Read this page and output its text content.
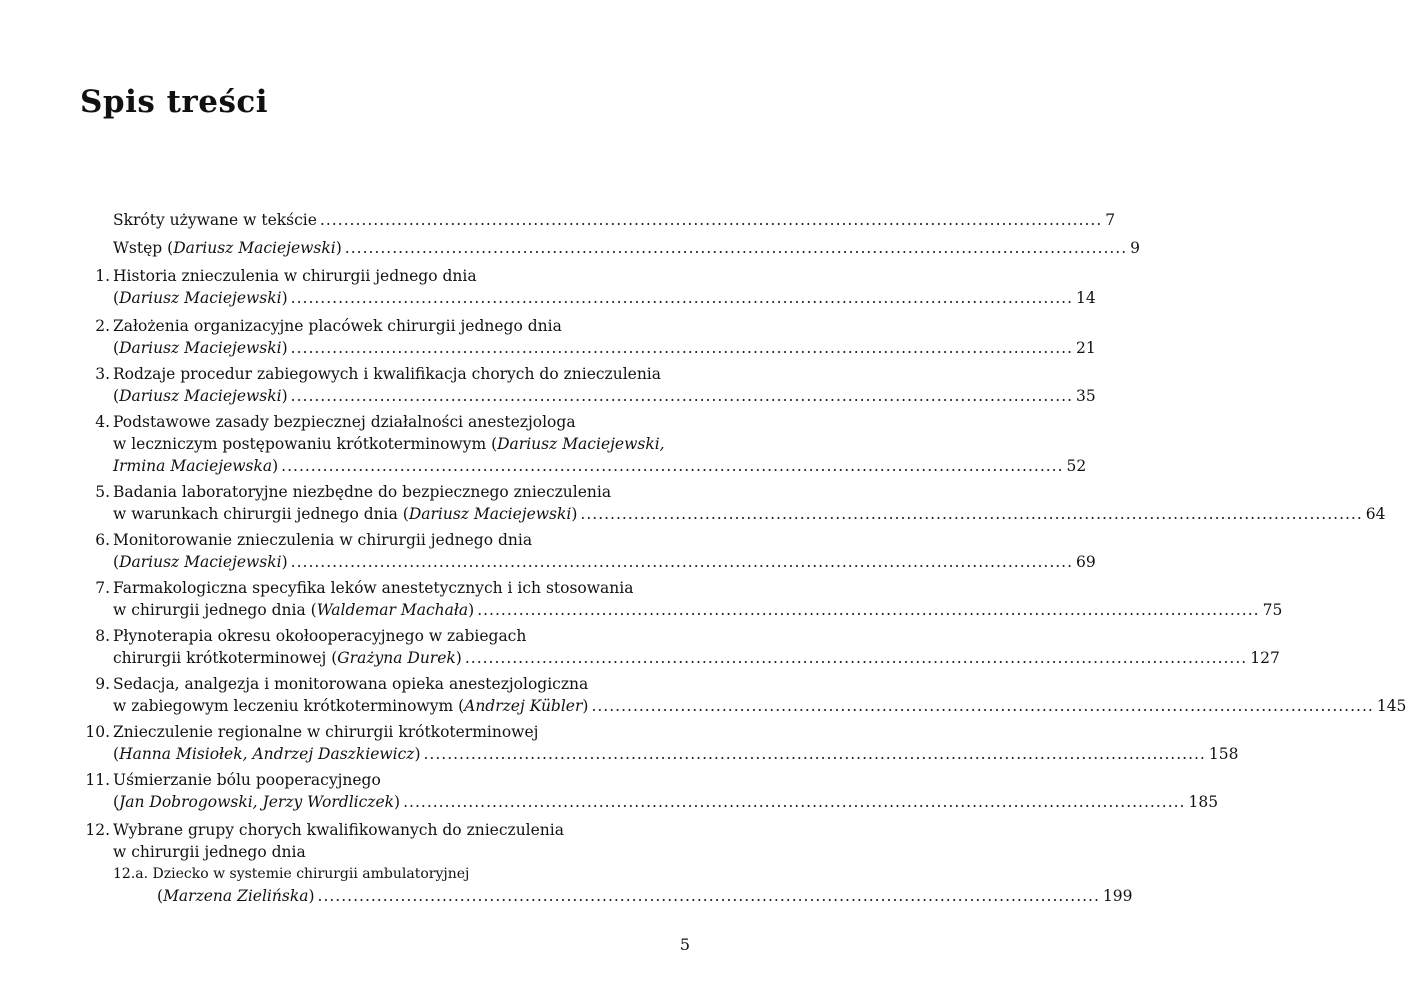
Spis treści
Skróty używane w tekście .................................................................................................................................... 7
Wstęp (Dariusz Maciejewski) .................................................................................................................................... 9
1. Historia znieczulenia w chirurgii jednego dnia
(Dariusz Maciejewski) .................................................................................................................................... 14
2. Założenia organizacyjne placówek chirurgii jednego dnia
(Dariusz Maciejewski) .................................................................................................................................... 21
3. Rodzaje procedur zabiegowych i kwalifikacja chorych do znieczulenia
(Dariusz Maciejewski) .................................................................................................................................... 35
4. Podstawowe zasady bezpiecznej działalności anestezjologa
w leczniczym postępowaniu krótkoterminowym (Dariusz Maciejewski,
Irmina Maciejewska) .................................................................................................................................... 52
5. Badania laboratoryjne niezbędne do bezpiecznego znieczulenia
w warunkach chirurgii jednego dnia (Dariusz Maciejewski) .................................................................................................................................... 64
6. Monitorowanie znieczulenia w chirurgii jednego dnia
(Dariusz Maciejewski) .................................................................................................................................... 69
7. Farmakologiczna specyfika leków anestetycznych i ich stosowania
w chirurgii jednego dnia (Waldemar Machała) .................................................................................................................................... 75
8. Płynoterapia okresu okołooperacyjnego w zabiegach
chirurgii krótkoterminowej (Grażyna Durek) .................................................................................................................................... 127
9. Sedacja, analgezja i monitorowana opieka anestezjologiczna
w zabiegowym leczeniu krótkoterminowym (Andrzej Kübler) .................................................................................................................................... 145
10. Znieczulenie regionalne w chirurgii krótkoterminowej
(Hanna Misiołek, Andrzej Daszkiewicz) .................................................................................................................................... 158
11. Uśmierzanie bólu pooperacyjnego
(Jan Dobrogowski, Jerzy Wordliczek) .................................................................................................................................... 185
12. Wybrane grupy chorych kwalifikowanych do znieczulenia
w chirurgii jednego dnia
12.a. Dziecko w systemie chirurgii ambulatoryjnej
(Marzena Zielińska) .................................................................................................................................... 199
5
